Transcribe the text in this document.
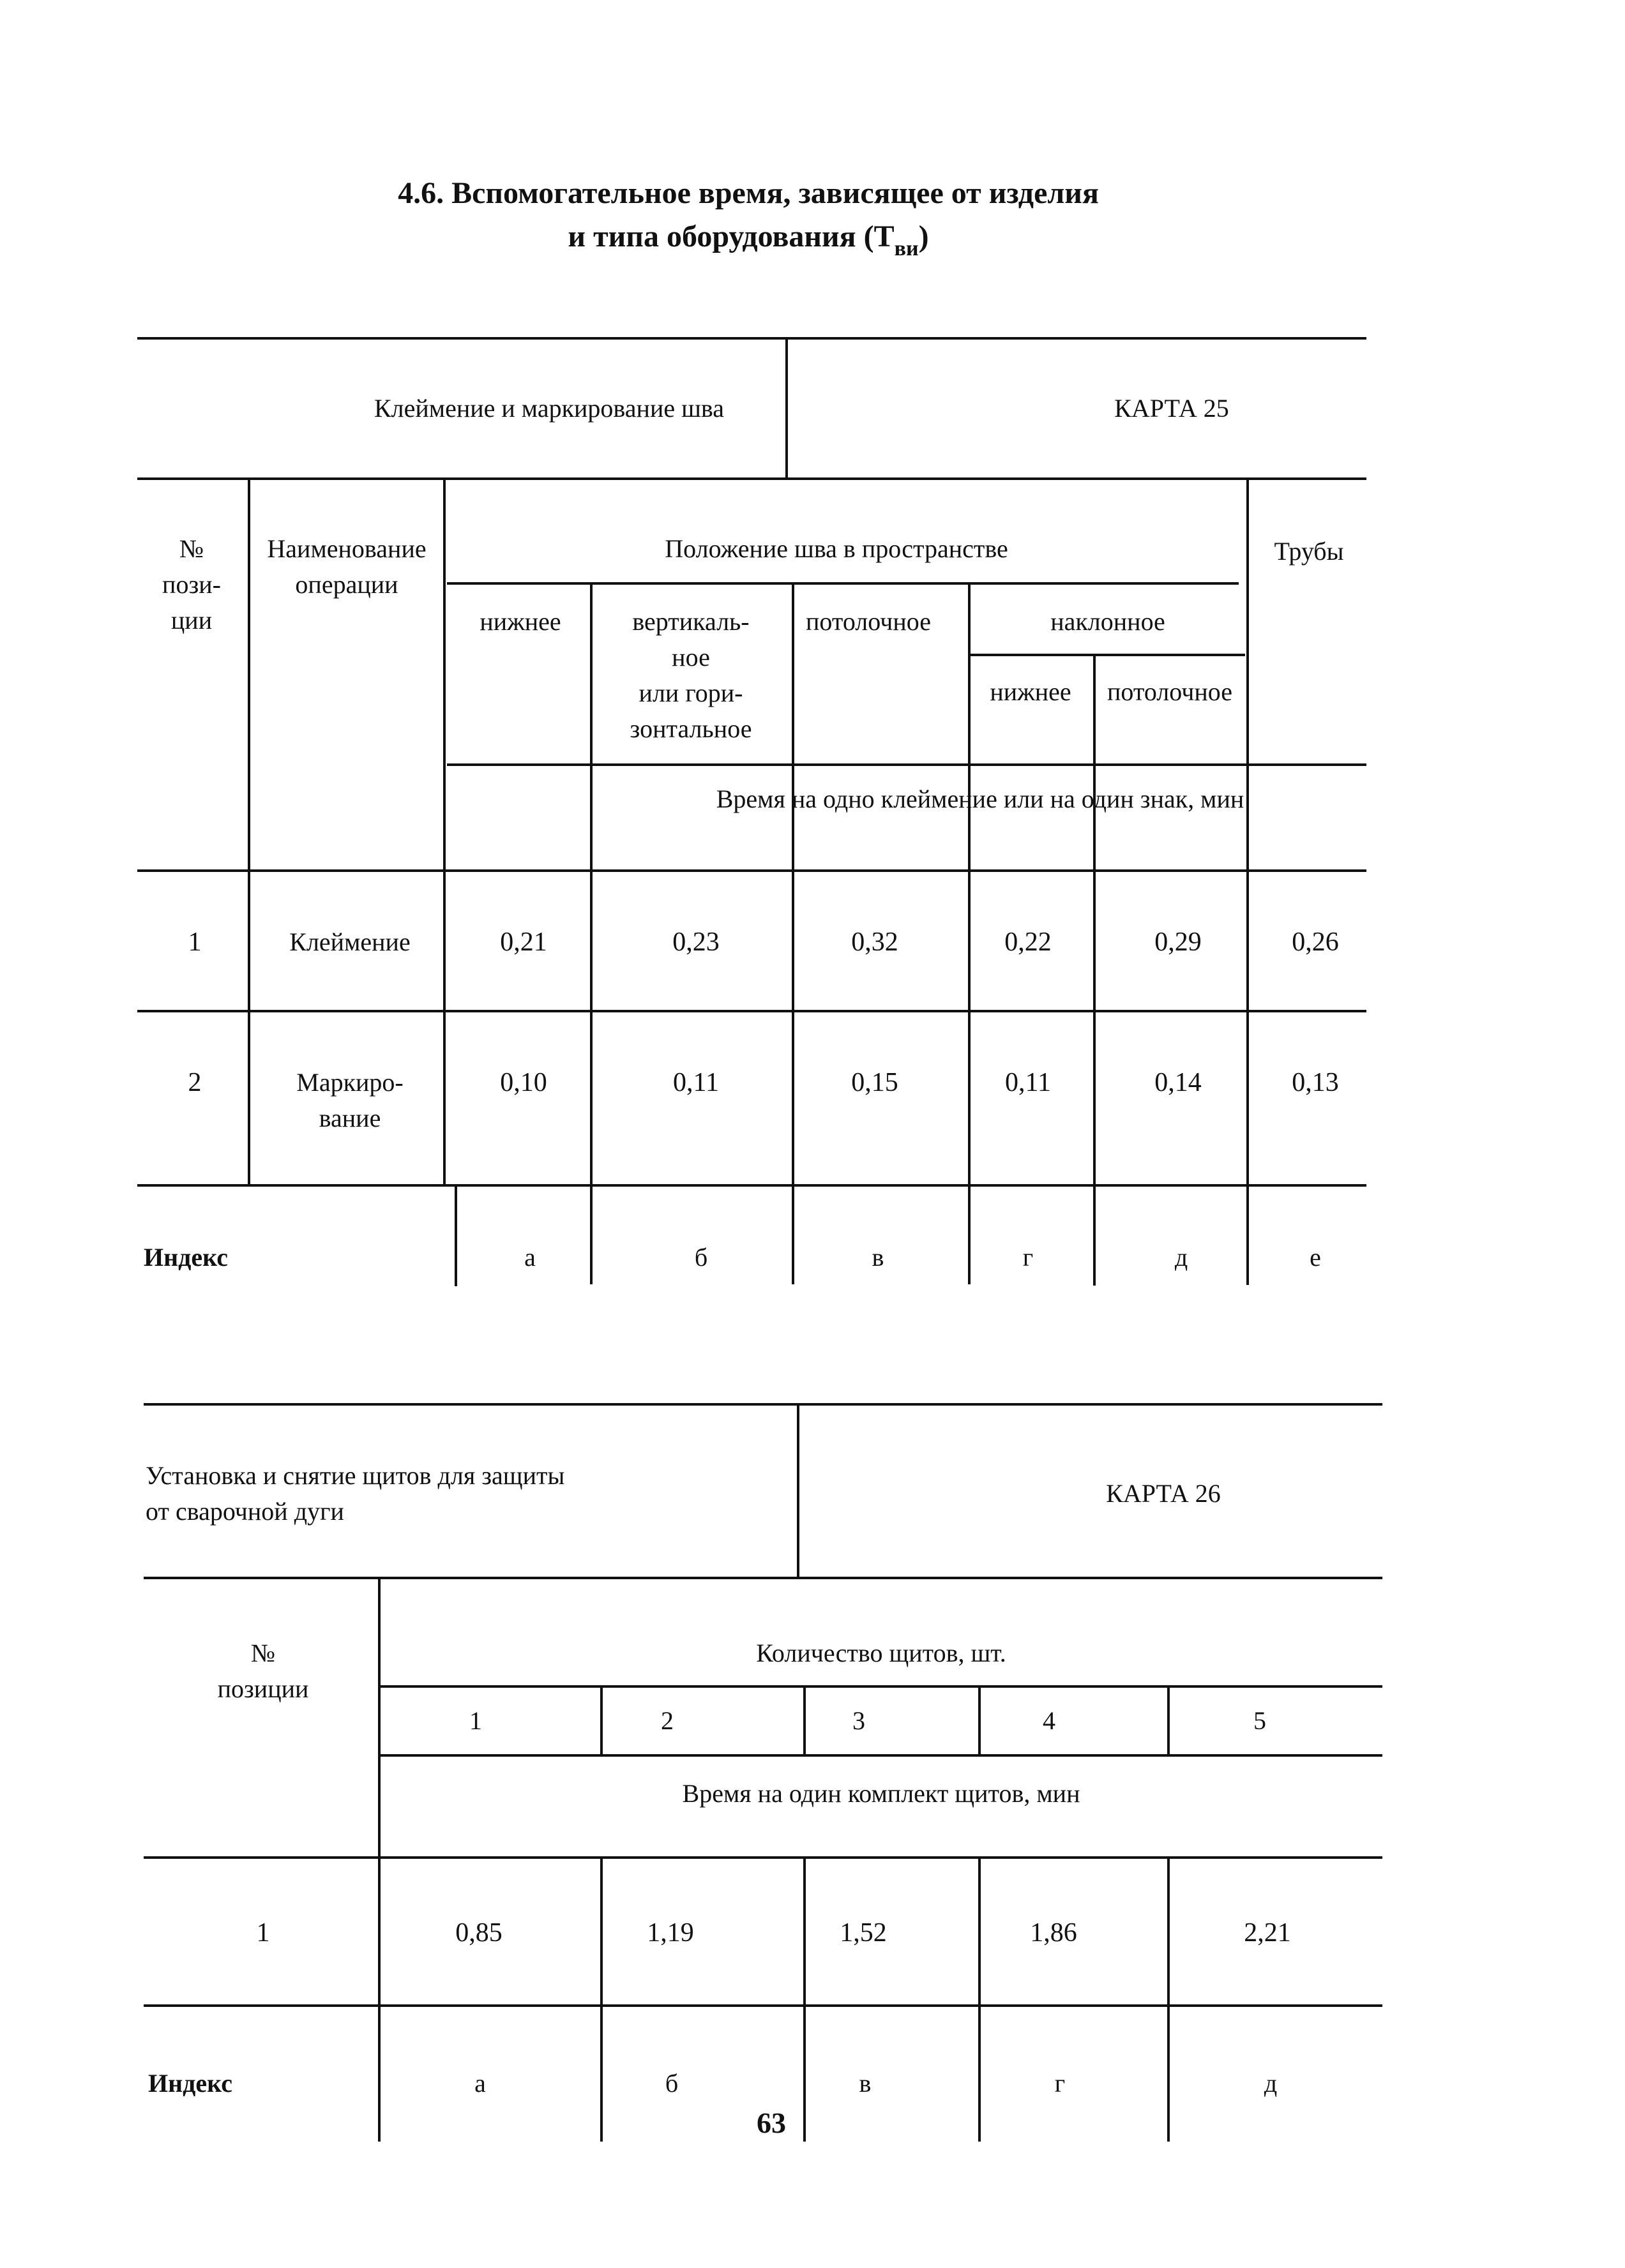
4.6. Вспомогательное время, зависящее от изделия
и типа оборудования $(Т_{ви})$
Клеймение и маркирование шва	КАРТА 25
№
пози-
ции
Наименование
операции
Положение шва в пространстве	Трубы
нижнее	вертикаль-
ное
или гори-
зонтальное
потолочное	наклонное
нижнее потолочное
Время на одно клеймение или на один знак, мин
1	Клеймение	0,21	0,23	0,32	0,22	0,29	0,26
2	Маркиро-
вание
0,10	0,11	0,15	0,11	0,14	0,13
Индекс	а	б	в	г	д	е
Установка и снятие щитов для защиты
от сварочной дуги
КАРТА 26
№
позиции
Количество щитов, шт.
1	2	3	4	5
Время на один комплект щитов, мин
1	0,85	1,19	1,52	1,86	2,21
Индекс	а	б	в	г	д
63
